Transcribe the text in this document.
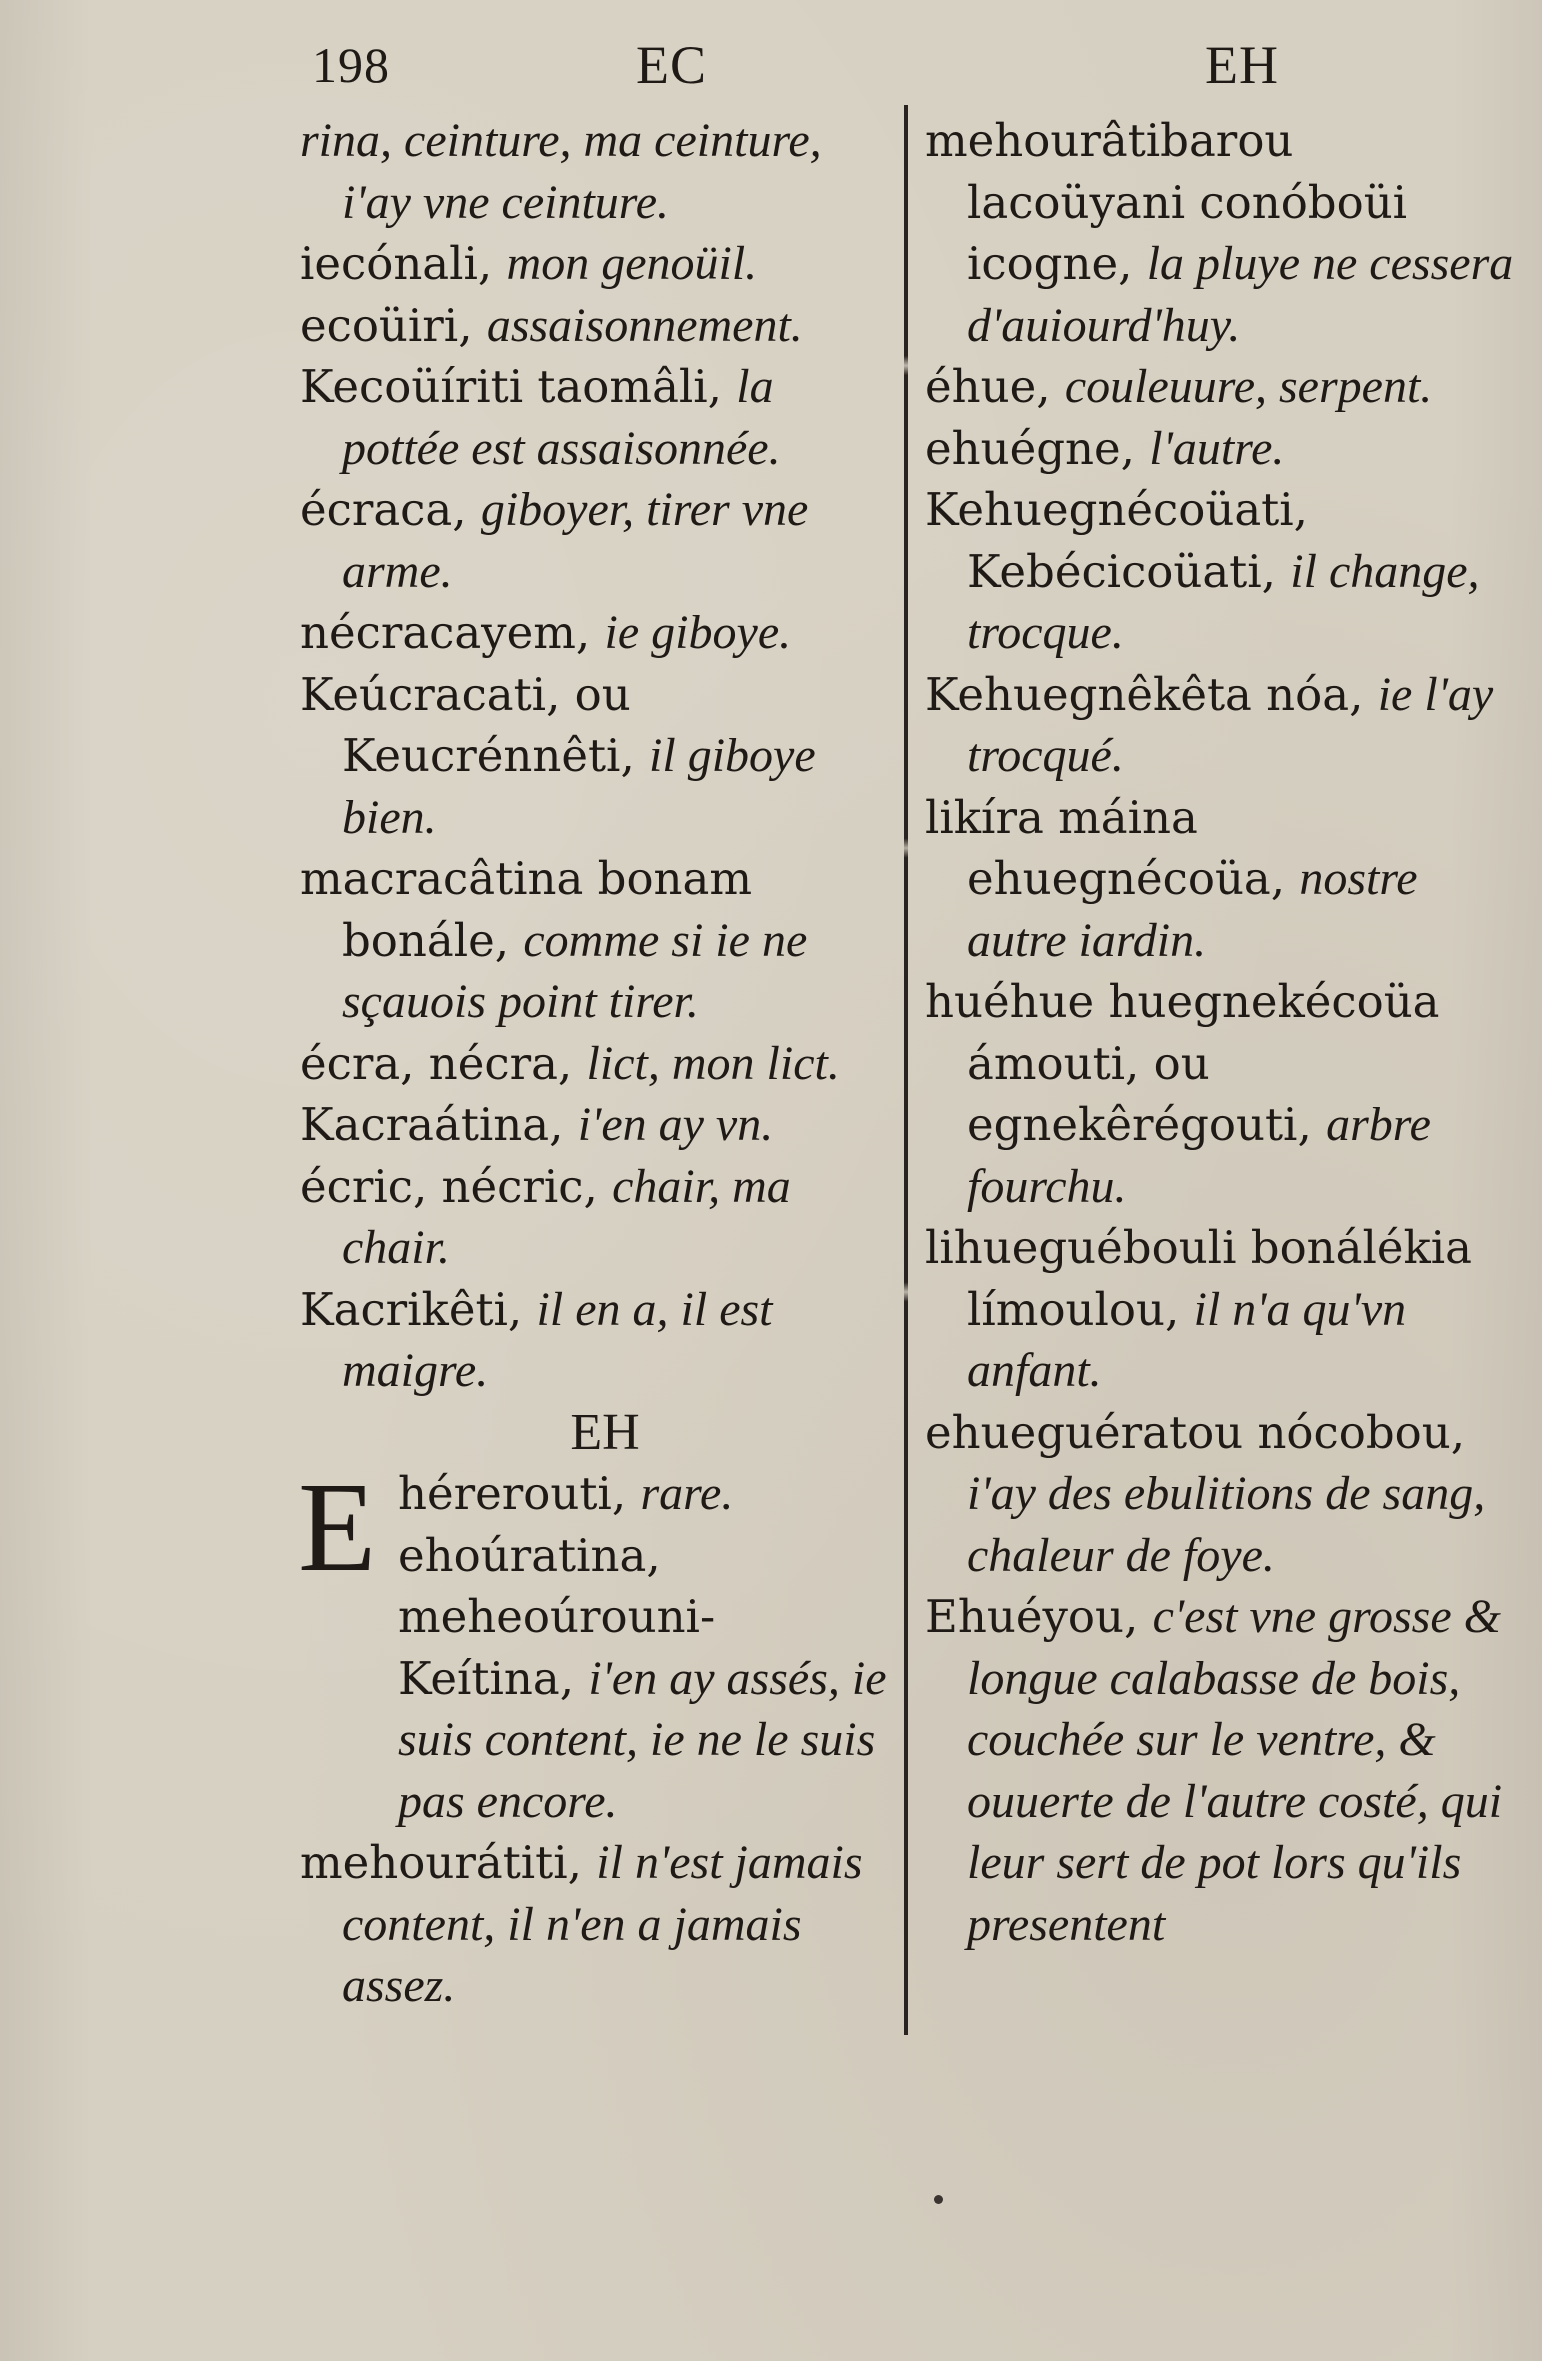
198	EC	EH

rina, ceinture, ma ceinture, i'ay vne ceinture.

iecónali, mon genoüil.

ecoüiri, assaisonnement.

Kecoüíriti taomâli, la pottée est assaisonnée.

écraca, giboyer, tirer vne arme.

nécracayem, ie giboye.

Keúcracati, ou Keucrénnêti, il giboye bien.

macracâtina bonam bonále, comme si ie ne sçauois point tirer.

écra, nécra, lict, mon lict.

Kacraátina, i'en ay vn.

écric, nécric, chair, ma chair.

Kacrikêti, il en a, il est maigre.

EH

E hérerouti, rare.
ehoúratina, meheoúrouni-Keítina, i'en ay assés, ie suis content, ie ne le suis pas encore.

mehourátiti, il n'est jamais content, il n'en a jamais assez.

mehourâtibarou lacoüyani conóboüi icogne, la pluye ne cessera d'auiourd'huy.

éhue, couleuure, serpent.

ehuégne, l'autre.

Kehuegnécoüati, Kebécicoüati, il change, trocque.

Kehuegnêkêta nóa, ie l'ay trocqué.

likíra máina ehuegnécoüa, nostre autre iardin.

huéhue huegnekécoüa ámouti, ou egnekêrégouti, arbre fourchu.

lihueguébouli bonálékia límoulou, il n'a qu'vn anfant.

ehueguératou nócobou, i'ay des ebulitions de sang, chaleur de foye.

Ehuéyou, c'est vne grosse & longue calabasse de bois, couchée sur le ventre, & ouuerte de l'autre costé, qui leur sert de pot lors qu'ils presentent
